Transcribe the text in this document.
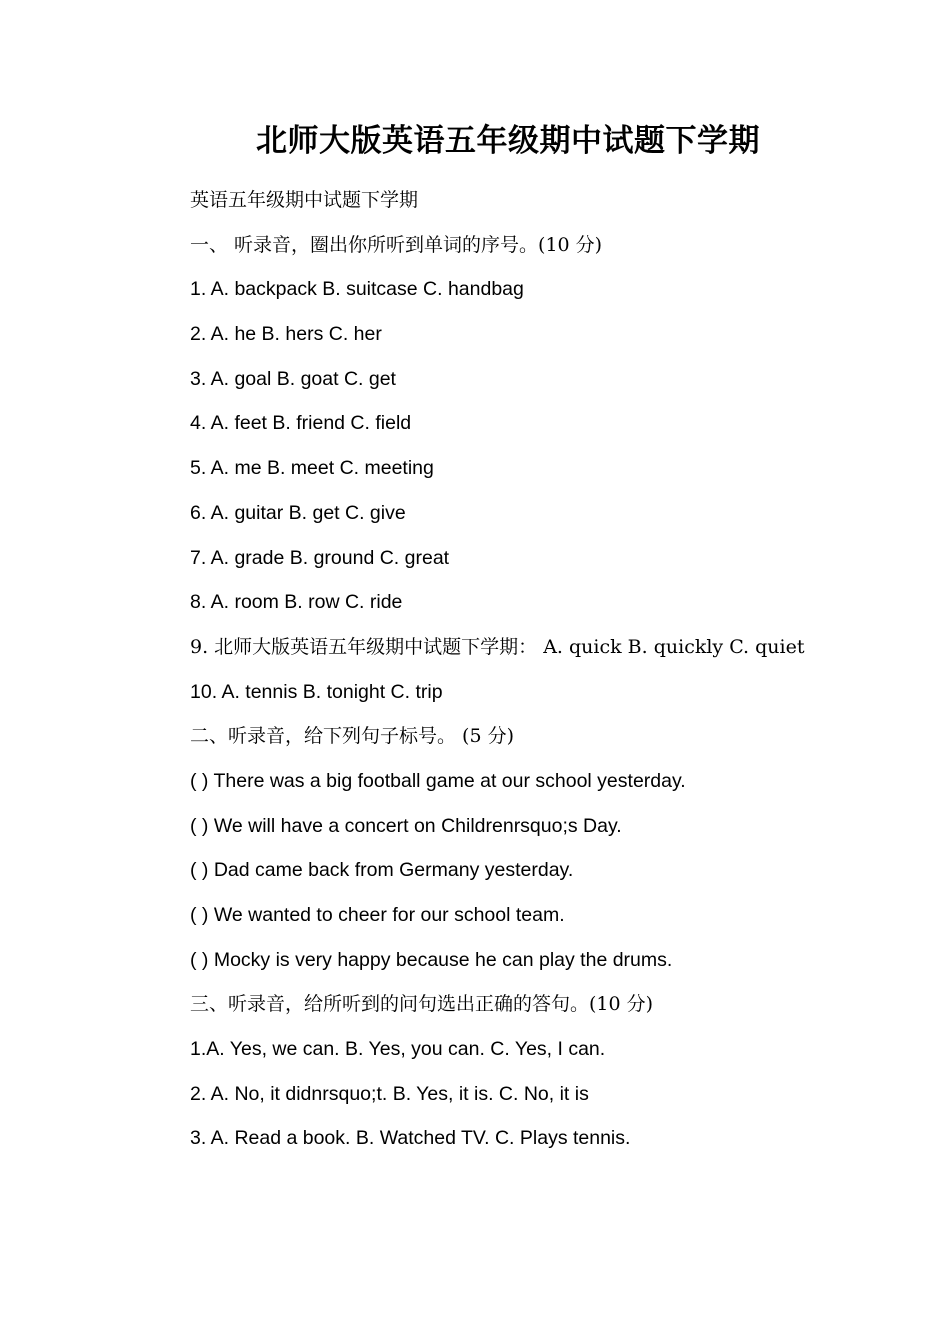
北师大版英语五年级期中试题下学期

英语五年级期中试题下学期

一、 听录音，圈出你所听到单词的序号。(10 分)

1. A. backpack B. suitcase C. handbag

2. A. he B. hers C. her

3. A. goal B. goat C. get

4. A. feet B. friend C. field

5. A. me B. meet C. meeting

6. A. guitar B. get C. give

7. A. grade B. ground C. great

8. A. room B. row C. ride

9. 北师大版英语五年级期中试题下学期： A. quick B. quickly C. quiet

10. A. tennis B. tonight C. trip

二、听录音，给下列句子标号。 (5 分)

( ) There was a big football game at our school yesterday.

( ) We will have a concert on Childrenrsquo;s Day.

( ) Dad came back from Germany yesterday.

( ) We wanted to cheer for our school team.

( ) Mocky is very happy because he can play the drums.

三、听录音，给所听到的问句选出正确的答句。(10 分)

1.A. Yes, we can. B. Yes, you can. C. Yes, I can.

2. A. No, it didnrsquo;t. B. Yes, it is. C. No, it is

3. A. Read a book. B. Watched TV. C. Plays tennis.
